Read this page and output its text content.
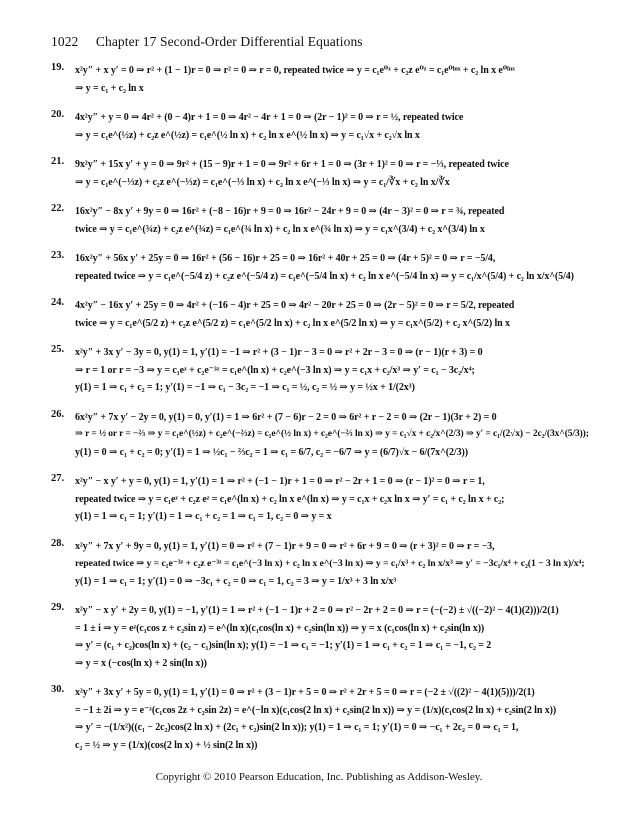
1022 Chapter 17 Second-Order Differential Equations
19. x²y″ + x y′ = 0 ⇒ r² + (1 − 1)r = 0 ⇒ r² = 0 ⇒ r = 0, repeated twice ⇒ y = c₁e⁰ᶻ + c₂z e⁰ᶻ = c₁e⁰ˡⁿˣ + c₂ ln x e⁰ˡⁿˣ
⇒ y = c₁ + c₂ ln x
20. 4x²y″ + y = 0 ⇒ 4r² + (0 − 4)r + 1 = 0 ⇒ 4r² − 4r + 1 = 0 ⇒ (2r − 1)² = 0 ⇒ r = ½, repeated twice
⇒ y = c₁e^(½z) + c₂z e^(½z) = c₁e^(½ ln x) + c₂ ln x e^(½ ln x) ⇒ y = c₁√x + c₂√x ln x
21. 9x²y″ + 15x y′ + y = 0 ⇒ 9r² + (15 − 9)r + 1 = 0 ⇒ 9r² + 6r + 1 = 0 ⇒ (3r + 1)² = 0 ⇒ r = −⅓, repeated twice
⇒ y = c₁e^(−⅓z) + c₂z e^(−⅓z) = c₁e^(−⅓ ln x) + c₂ ln x e^(−⅓ ln x) ⇒ y = c₁/∛x + c₂ ln x/∛x
22. 16x²y″ − 8x y′ + 9y = 0 ⇒ 16r² + (−8 − 16)r + 9 = 0 ⇒ 16r² − 24r + 9 = 0 ⇒ (4r − 3)² = 0 ⇒ r = ¾, repeated
twice ⇒ y = c₁e^(¾z) + c₂z e^(¾z) = c₁e^(¾ ln x) + c₂ ln x e^(¾ ln x) ⇒ y = c₁x^(3/4) + c₂ x^(3/4) ln x
23. 16x²y″ + 56x y′ + 25y = 0 ⇒ 16r² + (56 − 16)r + 25 = 0 ⇒ 16r² + 40r + 25 = 0 ⇒ (4r + 5)² = 0 ⇒ r = −5/4,
repeated twice ⇒ y = c₁e^(−5/4 z) + c₂z e^(−5/4 z) = c₁e^(−5/4 ln x) + c₂ ln x e^(−5/4 ln x) ⇒ y = c₁/x^(5/4) + c₂ ln x/x^(5/4)
24. 4x²y″ − 16x y′ + 25y = 0 ⇒ 4r² + (−16 − 4)r + 25 = 0 ⇒ 4r² − 20r + 25 = 0 ⇒ (2r − 5)² = 0 ⇒ r = 5/2, repeated
twice ⇒ y = c₁e^(5/2 z) + c₂z e^(5/2 z) = c₁e^(5/2 ln x) + c₂ ln x e^(5/2 ln x) ⇒ y = c₁x^(5/2) + c₂ x^(5/2) ln x
25. x²y″ + 3x y′ − 3y = 0, y(1) = 1, y′(1) = −1 ⇒ r² + (3 − 1)r − 3 = 0 ⇒ r² + 2r − 3 = 0 ⇒ (r − 1)(r + 3) = 0
⇒ r = 1 or r = −3 ⇒ y = c₁eᶻ + c₂e⁻³ᶻ = c₁e^(ln x) + c₂e^(−3 ln x) ⇒ y = c₁x + c₂/x³ ⇒ y′ = c₁ − 3c₂/x⁴;
y(1) = 1 ⇒ c₁ + c₂ = 1; y′(1) = −1 ⇒ c₁ − 3c₂ = −1 ⇒ c₁ = ½, c₂ = ½ ⇒ y = ½x + 1/(2x³)
26. 6x²y″ + 7x y′ − 2y = 0, y(1) = 0, y′(1) = 1 ⇒ 6r² + (7 − 6)r − 2 = 0 ⇒ 6r² + r − 2 = 0 ⇒ (2r − 1)(3r + 2) = 0
⇒ r = ½ or r = −⅔ ⇒ y = c₁e^(½z) + c₂e^(−⅔z) = c₁e^(½ ln x) + c₂e^(−⅔ ln x) ⇒ y = c₁√x + c₂/x^(2/3) ⇒ y′ = c₁/(2√x) − 2c₂/(3x^(5/3));
y(1) = 0 ⇒ c₁ + c₂ = 0; y′(1) = 1 ⇒ ½c₁ − ⅔c₂ = 1 ⇒ c₁ = 6/7, c₂ = −6/7 ⇒ y = (6/7)√x − 6/(7x^(2/3))
27. x²y″ − x y′ + y = 0, y(1) = 1, y′(1) = 1 ⇒ r² + (−1 − 1)r + 1 = 0 ⇒ r² − 2r + 1 = 0 ⇒ (r − 1)² = 0 ⇒ r = 1,
repeated twice ⇒ y = c₁eᶻ + c₂z eᶻ = c₁e^(ln x) + c₂ ln x e^(ln x) ⇒ y = c₁x + c₂x ln x ⇒ y′ = c₁ + c₂ ln x + c₂;
y(1) = 1 ⇒ c₁ = 1; y′(1) = 1 ⇒ c₁ + c₂ = 1 ⇒ c₁ = 1, c₂ = 0 ⇒ y = x
28. x²y″ + 7x y′ + 9y = 0, y(1) = 1, y′(1) = 0 ⇒ r² + (7 − 1)r + 9 = 0 ⇒ r² + 6r + 9 = 0 ⇒ (r + 3)² = 0 ⇒ r = −3,
repeated twice ⇒ y = c₁e⁻³ᶻ + c₂z e⁻³ᶻ = c₁e^(−3 ln x) + c₂ ln x e^(−3 ln x) ⇒ y = c₁/x³ + c₂ ln x/x³ ⇒ y′ = −3c₁/x⁴ + c₂(1 − 3 ln x)/x⁴;
y(1) = 1 ⇒ c₁ = 1; y′(1) = 0 ⇒ −3c₁ + c₂ = 0 ⇒ c₁ = 1, c₂ = 3 ⇒ y = 1/x³ + 3 ln x/x³
29. x²y″ − x y′ + 2y = 0, y(1) = −1, y′(1) = 1 ⇒ r² + (−1 − 1)r + 2 = 0 ⇒ r² − 2r + 2 = 0 ⇒ r = (−(−2) ± √((−2)² − 4(1)(2)))/2(1)
= 1 ± i ⇒ y = eᶻ(c₁cos z + c₂sin z) = e^(ln x)(c₁cos(ln x) + c₂sin(ln x)) ⇒ y = x (c₁cos(ln x) + c₂sin(ln x))
⇒ y′ = (c₁ + c₂)cos(ln x) + (c₂ − c₁)sin(ln x); y(1) = −1 ⇒ c₁ = −1; y′(1) = 1 ⇒ c₁ + c₂ = 1 ⇒ c₁ = −1, c₂ = 2
⇒ y = x (−cos(ln x) + 2 sin(ln x))
30. x²y″ + 3x y′ + 5y = 0, y(1) = 1, y′(1) = 0 ⇒ r² + (3 − 1)r + 5 = 0 ⇒ r² + 2r + 5 = 0 ⇒ r = (−2 ± √((2)² − 4(1)(5)))/2(1)
= −1 ± 2i ⇒ y = e⁻ᶻ(c₁cos 2z + c₂sin 2z) = e^(−ln x)(c₁cos(2 ln x) + c₂sin(2 ln x)) ⇒ y = (1/x)(c₁cos(2 ln x) + c₂sin(2 ln x))
⇒ y′ = −(1/x²)((c₁ − 2c₂)cos(2 ln x) + (2c₁ + c₂)sin(2 ln x)); y(1) = 1 ⇒ c₁ = 1; y′(1) = 0 ⇒ −c₁ + 2c₂ = 0 ⇒ c₁ = 1,
c₂ = ½ ⇒ y = (1/x)(cos(2 ln x) + ½ sin(2 ln x))
Copyright © 2010 Pearson Education, Inc. Publishing as Addison-Wesley.
